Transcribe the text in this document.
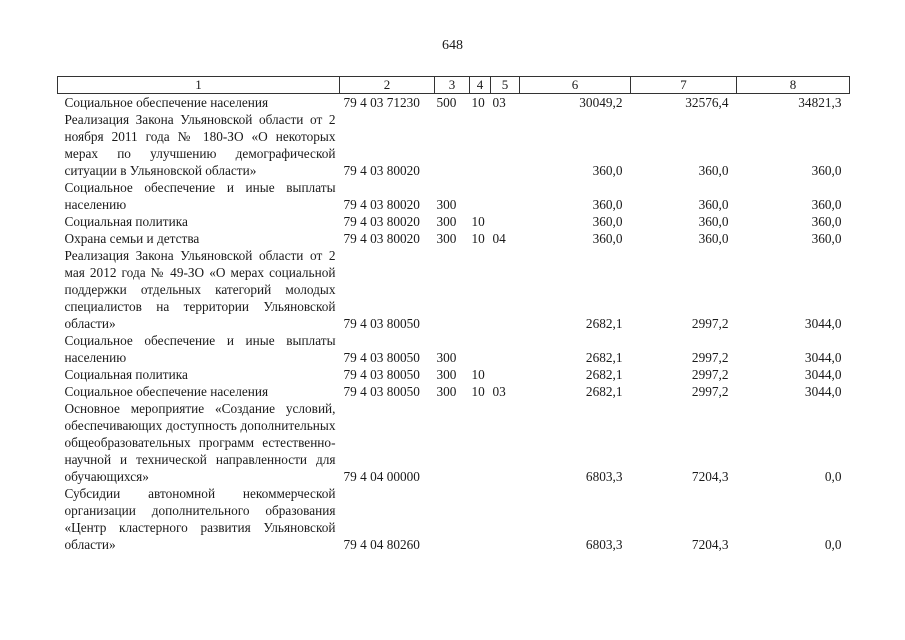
648
1	2	3	4	5	6	7	8
Социальное обеспечение населения	79 4 03 71230	500	10	03	30049,2	32576,4	34821,3
Реализация Закона Ульяновской области от 2 ноября 2011 года № 180-ЗО «О некоторых мерах по улучшению демографической ситуации в Ульяновской области»	79 4 03 80020				360,0	360,0	360,0
Социальное обеспечение и иные выплаты населению	79 4 03 80020	300			360,0	360,0	360,0
Социальная политика	79 4 03 80020	300	10		360,0	360,0	360,0
Охрана семьи и детства	79 4 03 80020	300	10	04	360,0	360,0	360,0
Реализация Закона Ульяновской области от 2 мая 2012 года № 49-ЗО «О мерах социальной поддержки отдельных категорий молодых специалистов на территории Ульяновской области»	79 4 03 80050				2682,1	2997,2	3044,0
Социальное обеспечение и иные выплаты населению	79 4 03 80050	300			2682,1	2997,2	3044,0
Социальная политика	79 4 03 80050	300	10		2682,1	2997,2	3044,0
Социальное обеспечение населения	79 4 03 80050	300	10	03	2682,1	2997,2	3044,0
Основное мероприятие «Создание условий, обеспечивающих доступность дополнительных общеобразовательных программ естественно-научной и технической направленности для обучающихся»	79 4 04 00000				6803,3	7204,3	0,0
Субсидии автономной некоммерческой организации дополнительного образования «Центр кластерного развития Ульяновской области»	79 4 04 80260				6803,3	7204,3	0,0
